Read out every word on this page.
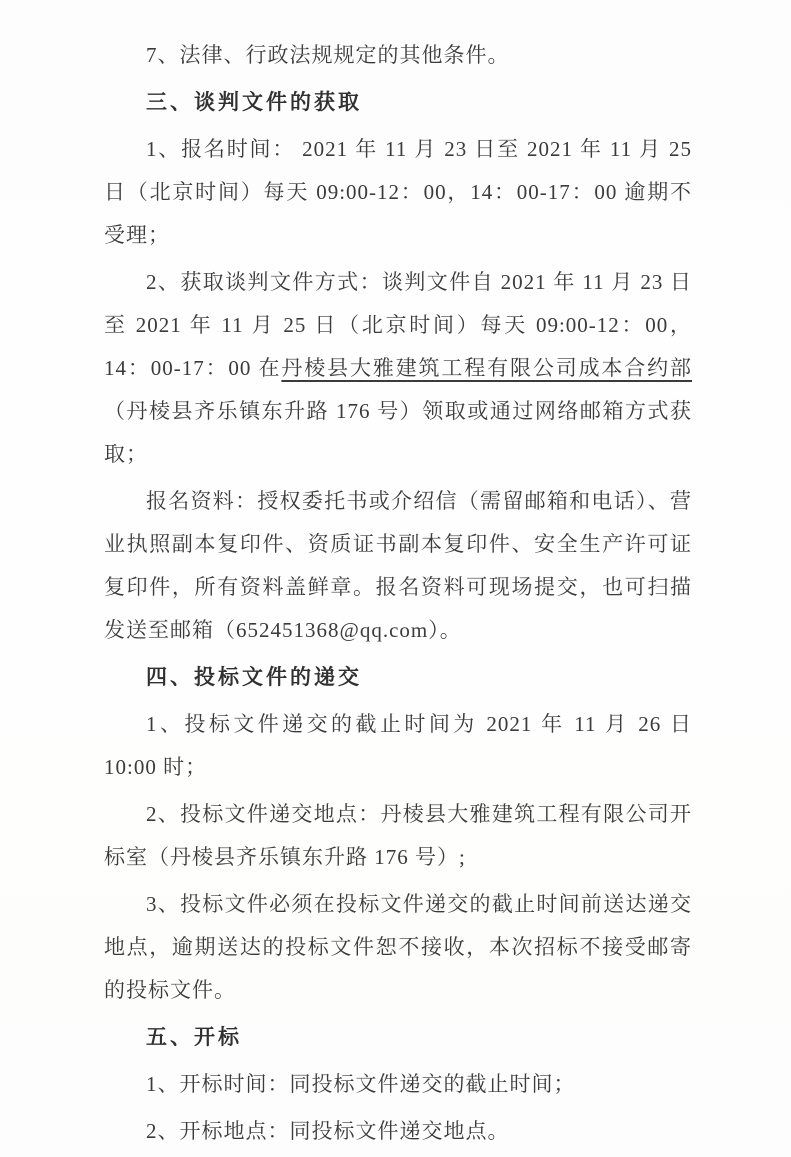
7、法律、行政法规规定的其他条件。

三、谈判文件的获取

1、报名时间： 2021 年 11 月 23 日至 2021 年 11 月 25 日（北京时间）每天 09:00-12：00，14：00-17：00 逾期不受理；

2、获取谈判文件方式：谈判文件自 2021 年 11 月 23 日至 2021 年 11 月 25 日（北京时间）每天 09:00-12：00，14：00-17：00 在丹棱县大雅建筑工程有限公司成本合约部（丹棱县齐乐镇东升路 176 号）领取或通过网络邮箱方式获取；

报名资料：授权委托书或介绍信（需留邮箱和电话）、营业执照副本复印件、资质证书副本复印件、安全生产许可证复印件，所有资料盖鲜章。报名资料可现场提交，也可扫描发送至邮箱（652451368@qq.com）。

四、投标文件的递交

1、投标文件递交的截止时间为 2021 年 11 月 26 日 10:00 时；

2、投标文件递交地点：丹棱县大雅建筑工程有限公司开标室（丹棱县齐乐镇东升路 176 号）;

3、投标文件必须在投标文件递交的截止时间前送达递交地点，逾期送达的投标文件恕不接收，本次招标不接受邮寄的投标文件。

五、开标

1、开标时间：同投标文件递交的截止时间；

2、开标地点：同投标文件递交地点。
